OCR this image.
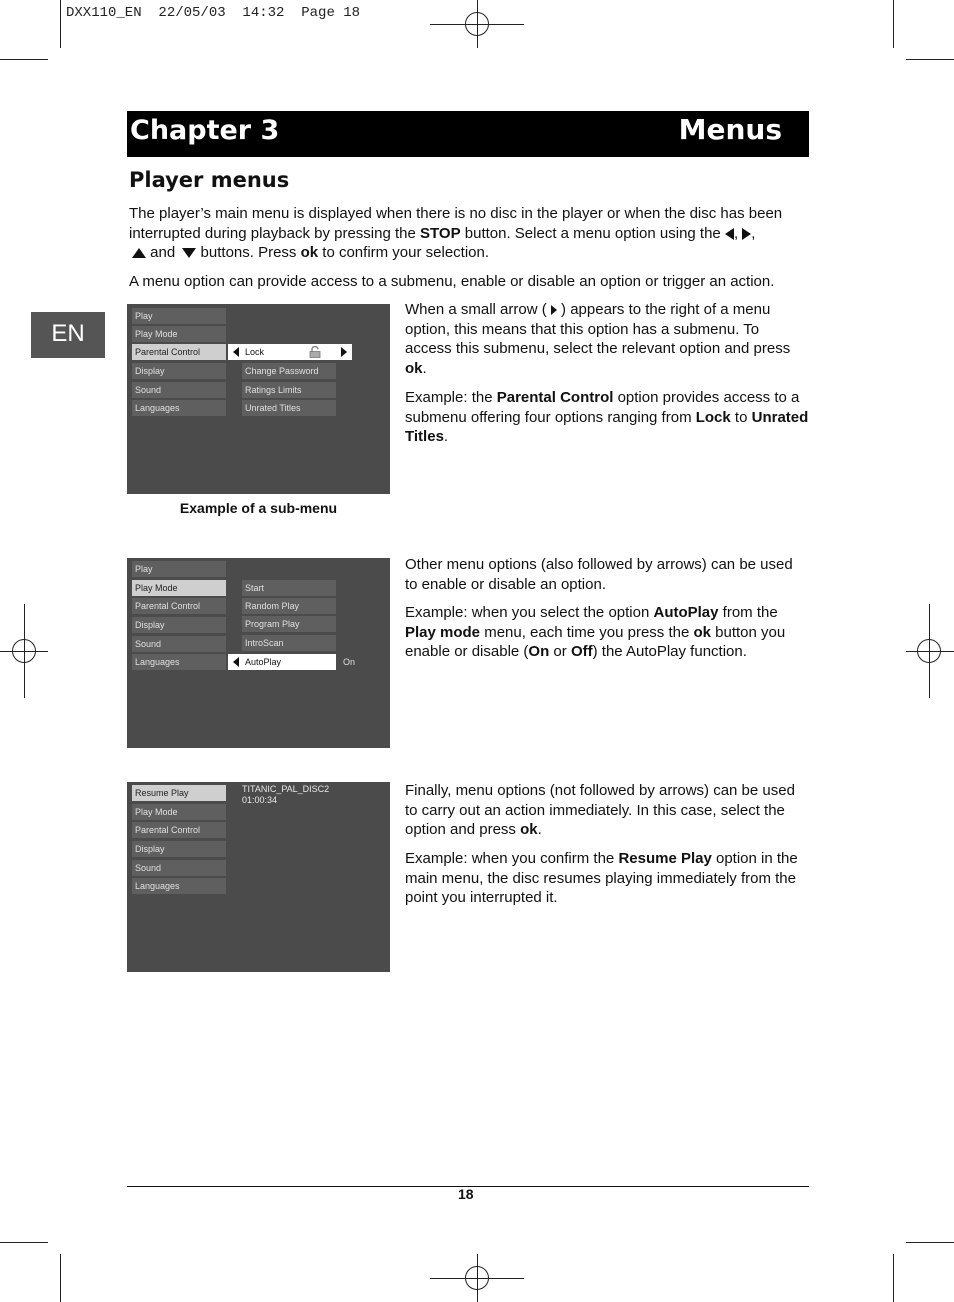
DXX110_EN  22/05/03  14:32  Page 18
Chapter 3	Menus
EN
Player menus
The player’s main menu is displayed when there is no disc in the player or when the disc has been interrupted during playback by pressing the STOP button. Select a menu option using the , ,
and  buttons. Press ok to confirm your selection.
A menu option can provide access to a submenu, enable or disable an option or trigger an action.
Play
Play Mode
Parental Control
Display
Sound
Languages
Lock
Change Password
Ratings Limits
Unrated Titles
Example of a sub-menu
When a small arrow (  ) appears to the right of a menu option, this means that this option has a submenu. To access this submenu, select the relevant option and press ok.
Example: the Parental Control option provides access to a submenu offering four options ranging from Lock to Unrated Titles.
Play
Play Mode
Parental Control
Display
Sound
Languages
Start
Random Play
Program Play
IntroScan
AutoPlay	On
Other menu options (also followed by arrows) can be used to enable or disable an option.
Example: when you select the option AutoPlay from the Play mode menu, each time you press the ok button you enable or disable (On or Off) the AutoPlay function.
Resume Play
Play Mode
Parental Control
Display
Sound
Languages
TITANIC_PAL_DISC2
01:00:34
Finally, menu options (not followed by arrows) can be used to carry out an action immediately. In this case, select the option and press ok.
Example: when you confirm the Resume Play option in the main menu, the disc resumes playing immediately from the point you interrupted it.
18
